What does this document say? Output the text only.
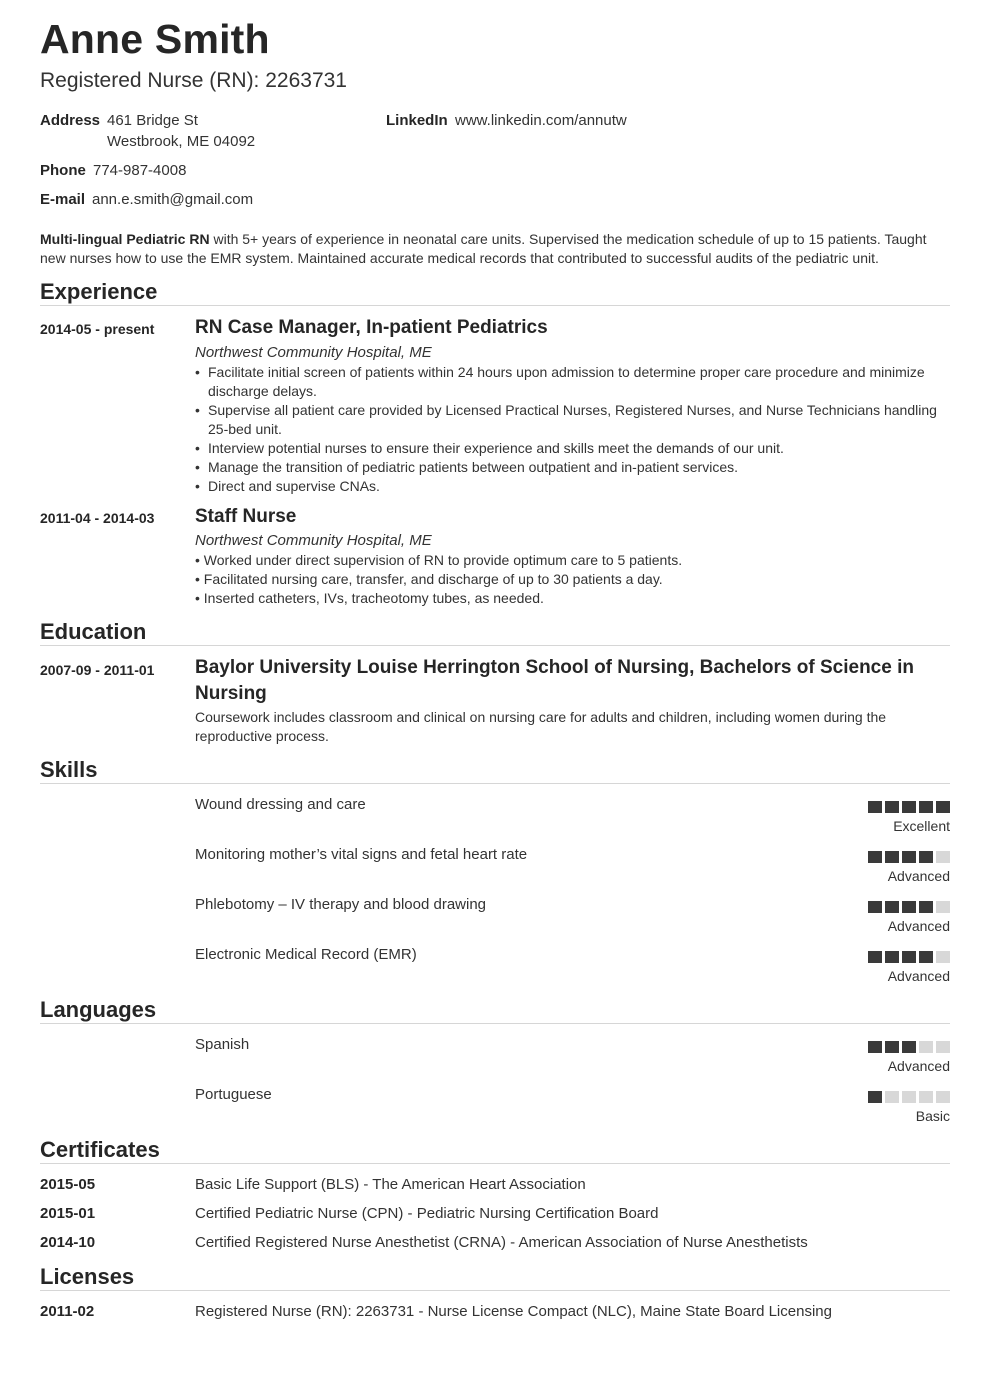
Anne Smith
Registered Nurse (RN): 2263731
Address 461 Bridge St
Westbrook, ME 04092
LinkedIn www.linkedin.com/annutw
Phone 774-987-4008
E-mail ann.e.smith@gmail.com
Multi-lingual Pediatric RN with 5+ years of experience in neonatal care units. Supervised the medication schedule of up to 15 patients. Taught new nurses how to use the EMR system. Maintained accurate medical records that contributed to successful audits of the pediatric unit.
Experience
2014-05 - present RN Case Manager, In-patient Pediatrics
Northwest Community Hospital, ME
• Facilitate initial screen of patients within 24 hours upon admission to determine proper care procedure and minimize discharge delays.
• Supervise all patient care provided by Licensed Practical Nurses, Registered Nurses, and Nurse Technicians handling 25-bed unit.
• Interview potential nurses to ensure their experience and skills meet the demands of our unit.
• Manage the transition of pediatric patients between outpatient and in-patient services.
• Direct and supervise CNAs.
2011-04 - 2014-03 Staff Nurse
Northwest Community Hospital, ME
• Worked under direct supervision of RN to provide optimum care to 5 patients.
• Facilitated nursing care, transfer, and discharge of up to 30 patients a day.
• Inserted catheters, IVs, tracheotomy tubes, as needed.
Education
2007-09 - 2011-01 Baylor University Louise Herrington School of Nursing, Bachelors of Science in Nursing
Coursework includes classroom and clinical on nursing care for adults and children, including women during the reproductive process.
Skills
Wound dressing and care
Excellent
Monitoring mother’s vital signs and fetal heart rate
Advanced
Phlebotomy – IV therapy and blood drawing
Advanced
Electronic Medical Record (EMR)
Advanced
Languages
Spanish
Advanced
Portuguese
Basic
Certificates
2015-05	Basic Life Support (BLS) - The American Heart Association
2015-01	Certified Pediatric Nurse (CPN) - Pediatric Nursing Certification Board
2014-10	Certified Registered Nurse Anesthetist (CRNA) - American Association of Nurse Anesthetists
Licenses
2011-02	Registered Nurse (RN): 2263731 - Nurse License Compact (NLC), Maine State Board Licensing
